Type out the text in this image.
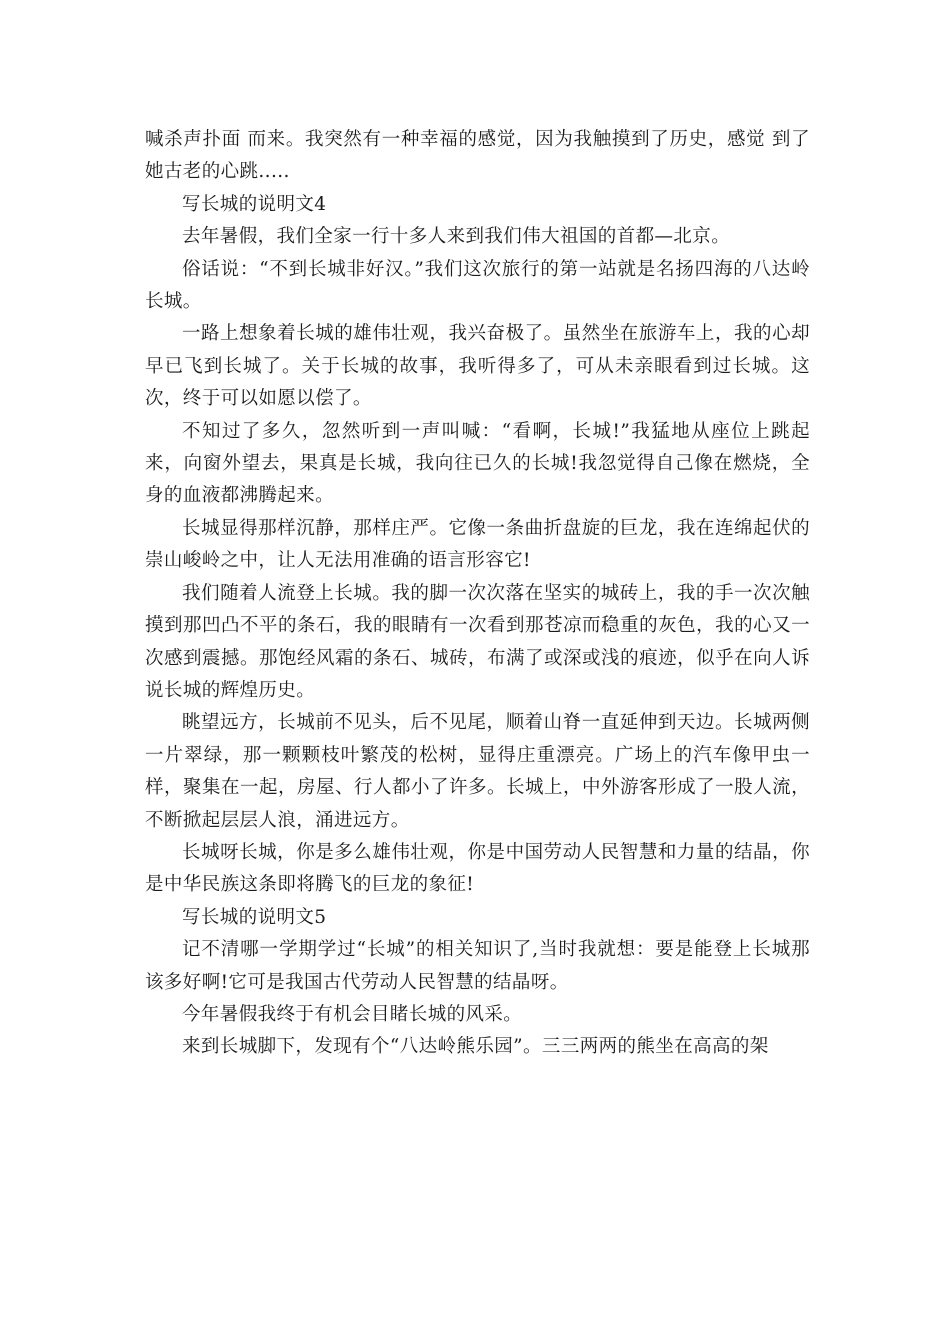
喊杀声扑面 而来。我突然有一种幸福的感觉，因为我触摸到了历史，感觉 到了她古老的心跳.....

写长城的说明文4

去年暑假，我们全家一行十多人来到我们伟大祖国的首都—北京。

俗话说：“不到长城非好汉。”我们这次旅行的第一站就是名扬四海的八达岭长城。

一路上想象着长城的雄伟壮观，我兴奋极了。虽然坐在旅游车上，我的心却早已飞到长城了。关于长城的故事，我听得多了，可从未亲眼看到过长城。这次，终于可以如愿以偿了。

不知过了多久，忽然听到一声叫喊：“看啊，长城!”我猛地从座位上跳起来，向窗外望去，果真是长城，我向往已久的长城!我忽觉得自己像在燃烧，全身的血液都沸腾起来。

长城显得那样沉静，那样庄严。它像一条曲折盘旋的巨龙，我在连绵起伏的崇山峻岭之中，让人无法用准确的语言形容它!

我们随着人流登上长城。我的脚一次次落在坚实的城砖上，我的手一次次触摸到那凹凸不平的条石，我的眼睛有一次看到那苍凉而稳重的灰色，我的心又一次感到震撼。那饱经风霜的条石、城砖，布满了或深或浅的痕迹，似乎在向人诉说长城的辉煌历史。

眺望远方，长城前不见头，后不见尾，顺着山脊一直延伸到天边。长城两侧一片翠绿，那一颗颗枝叶繁茂的松树，显得庄重漂亮。广场上的汽车像甲虫一样，聚集在一起，房屋、行人都小了许多。长城上，中外游客形成了一股人流，不断掀起层层人浪，涌进远方。

长城呀长城，你是多么雄伟壮观，你是中国劳动人民智慧和力量的结晶，你是中华民族这条即将腾飞的巨龙的象征!

写长城的说明文5

记不清哪一学期学过“长城”的相关知识了,当时我就想：要是能登上长城那该多好啊!它可是我国古代劳动人民智慧的结晶呀。

今年暑假我终于有机会目睹长城的风采。

来到长城脚下，发现有个“八达岭熊乐园”。三三两两的熊坐在高高的架
